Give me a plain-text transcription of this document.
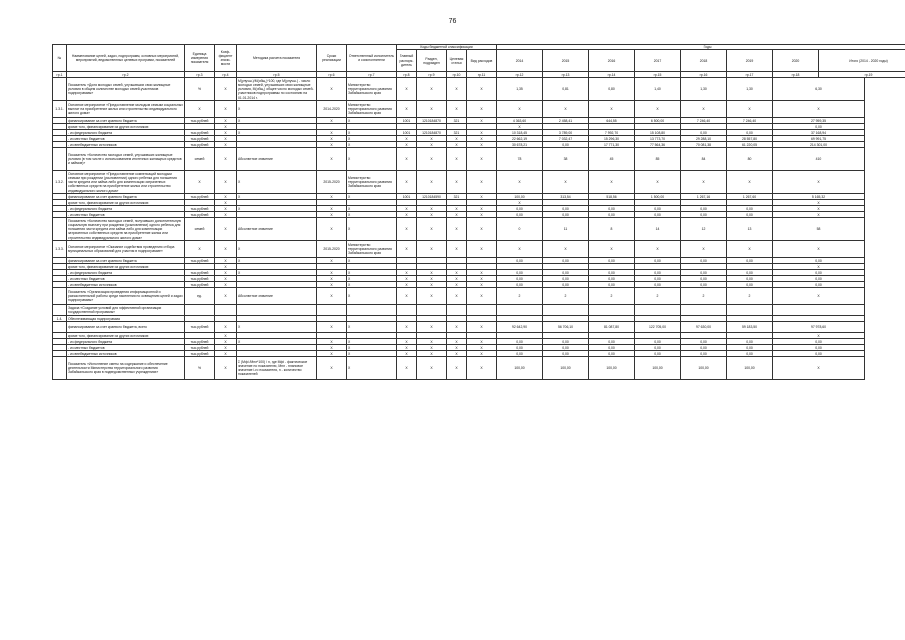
76
№	Наименование целей, задач, подпрограмм, основных мероприятий, мероприятий, ведомственных целевых программ, показателей	Единица измерения показателя	Коэф-фициент значи-мости	Методика расчета показателя	Сроки реализации	Ответственный исполнитель и соисполнители	Коды бюджетной классификации				Годы							
							Главный распоря-дитель	Раздел, подраздел	Целевая статья	Вид расходов	2014	2015	2016	2017	2018	2019	2020	Итого (2014 - 2020 годы)
гр.1	гр.2	гр.3	гр.4	гр.5	гр.6	гр.7	гр.8	гр.9	гр.10	гр.11	гр.12	гр.13	гр.14	гр.15	гр.16	гр.17	гр.18	гр.19
	Показатель «Доля молодых семей, улучшивших свои жилищные условия в общем количестве молодых семей-участников подпрограммы»	%	Х	М(улучш.)/М(общ.)*100, где М(улучш.) - число молодых семей, улучшивших свои жилищные условия, М(общ.) общее число молодых семей-участников подпрограммы по состоянию на 01.01.2014 г.	Х	Министерство территориального развития Забайкальского края	Х	Х	Х	Х	1,35	0,81	0,80	1,40	1,30	1,30	6,30	
1.3.1.	Основное мероприятие «Предоставление молодым семьям социальных выплат на приобретение жилья или строительство индивидуального жилого дома»	Х	Х	Х	2014-2020	Министерство территориального развития Забайкальского края	Х	Х	Х	Х	Х	Х	Х	Х	Х	Х	Х	
	финансирование за счет краевого бюджета	тыс.рублей	Х	Х	Х	Х	1001	1210184870	321	Х	4 363,60	2 458,41	644,55	6 500,00	7 246,40	7 246,40	27 959,35	
	кроме того, финансирование из других источников:		Х								Х						0,00	
	- из федерального бюджета	тыс.рублей	Х	Х	Х	Х	1001	1210184870	321	Х	10 318,45	3 789,00	7 992,70	15 108,80	0,00	0,00	37 168,94	
	- из местных бюджетов	тыс.рублей	Х		Х	Х	Х	Х	Х	Х	22 662,19	7 032,47	15 296,30	13 773,70	29 288,10	28 557,80	69 991,75	
	- из внебюджетных источников	тыс.рублей	Х		Х	Х	Х	Х	Х	Х	30 678,21	0,00	17 771,30	77 564,36	70 081,38	61 220,05	214 301,00	
	Показатель «Количество молодых семей, улучшивших жилищные условия (в том числе с использованием ипотечных жилищных кредитов и займов)»	семей	Х	Абсолютное значение	Х	Х	Х	Х	Х	Х	78	38	45	85	84	80	410	
1.3.2.	Основное мероприятие «Предоставление компенсаций молодым семьям при рождении (усыновлении) одного ребенка для погашения части кредита или займа либо для компенсации затраченных собственных средств на приобретение жилья или строительство индивидуального жилого дома»	Х	Х	Х	2015-2020	Министерство территориального развития Забайкальского края	Х	Х	Х	Х	Х	Х	Х	Х	Х	Х	Х	
	финансирование за счет краевого бюджета	тыс.рублей	Х	Х	Х	Х	1001	1210184590	321	Х	100,00	313,54	518,56	1 500,00	1 267,16	1 267,60	5 165,32	
	кроме того, финансирование из других источников:		Х								Х						Х	
	- из федерального бюджета	тыс.рублей	Х	Х	Х	Х	Х	Х	Х	Х	0,00	0,00	0,00	0,00	0,00	0,00	Х	
	- из местных бюджетов	тыс.рублей	Х		Х	Х	Х	Х	Х	Х	0,00	0,00	0,00	0,00	0,00	0,00	Х	
	Показатель «Количество молодых семей, получивших дополнительную социальную выплату при рождении (усыновлении) одного ребенка для погашения части кредита или займа либо для компенсации затраченных собственных средств на приобретение жилья или строительство индивидуального жилого дома»	семей	Х	Абсолютное значение	Х	Х	Х	Х	Х	Х	0	11	8	14	12	13	58	
1.3.3.	Основное мероприятие «Оказание содействия проведению отбора муниципальных образований для участия в подпрограмме»	Х	Х	Х	2015-2020	Министерство территориального развития Забайкальского края	Х	Х	Х	Х	Х	Х	Х	Х	Х	Х	Х	
	финансирование за счет краевого бюджета	тыс.рублей	Х	Х	Х	Х					0,00	0,00	0,00	0,00	0,00	0,00	0,00	
	кроме того, финансирование из других источников:		Х														Х	
	- из федерального бюджета	тыс.рублей	Х	Х	Х	Х	Х	Х	Х	Х	0,00	0,00	0,00	0,00	0,00	0,00	0,00	
	- из местных бюджетов	тыс.рублей	Х		Х	Х	Х	Х	Х	Х	0,00	0,00	0,00	0,00	0,00	0,00	0,00	
	- из внебюджетных источников	тыс.рублей	Х		Х	Х	Х	Х	Х	Х	0,00	0,00	0,00	0,00	0,00	0,00	0,00	
	Показатель «Организация проведения информационной и разъяснительной работы среди населения по освещению целей и задач подпрограммы»	ед.	Х	Абсолютное значение	Х	Х	Х	Х	Х	Х	2	2	2	2	2	2	Х	
	Задача «Создание условий для эффективной организации государственной программы»																	
1.4.	Обеспечивающая подпрограмма																	
	финансирование за счет краевого бюджета, всего	тыс.рублей	Х	Х	Х	Х	Х	Х	Х	Х	92 642,90	56 706,10	81 087,80	122 705,00	97 630,00	59 183,50	97 978,60	
	кроме того, финансирование из других источников:		Х														Х	
	- из федерального бюджета	тыс.рублей	Х	Х	Х	Х	Х	Х	Х	Х	0,00	0,00	0,00	0,00	0,00	0,00	0,00	
	- из местных бюджетов	тыс.рублей	Х		Х	Х	Х	Х	Х	Х	0,00	0,00	0,00	0,00	0,00	0,00	0,00	
	- из внебюджетных источников	тыс.рублей	Х		Х	Х	Х	Х	Х	Х	0,00	0,00	0,00	0,00	0,00	0,00	0,00	
	Показатель «Исполнение сметы на содержание и обеспечение деятельности Министерства территориального развития Забайкальского края в подведомственных учреждениях»	%	Х	Σ (Мфi /Мпл*100) / n, где Мфi - фактическое значение по показателю, Мпл - плановое значение i-го показателя, n - количество показателей	Х	Х	Х	Х	Х	Х	100,00	100,00	100,00	100,00	100,00	100,00	Х	
